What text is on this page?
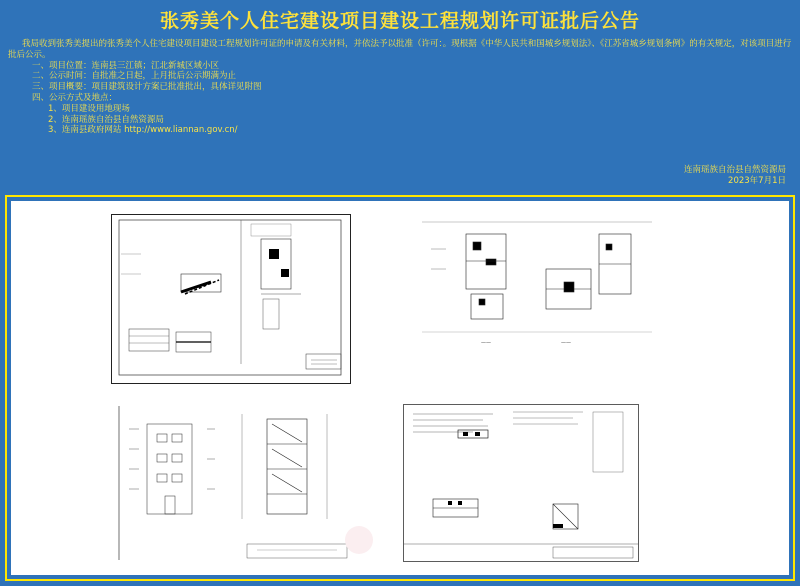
张秀美个人住宅建设项目建设工程规划许可证批后公告

我局收到张秀美提出的张秀美个人住宅建设项目建设工程规划许可证的申请及有关材料，并依法予以批准（许可：。现根据《中华人民共和国城乡规划法》、《江苏省城乡规划条例》的有关规定，对该项目进行批后公示。

一、项目位置：连南县三江镇；江北新城区域小区

二、公示时间：自批准之日起，上月批后公示期满为止

三、项目概要：项目建筑设计方案已批准批出，具体详见附图

四、公示方式及地点：

1、项目建设用地现场

2、连南瑶族自治县自然资源局

3、连南县政府网站 http://www.liannan.gov.cn/

连南瑶族自治县自然资源局
2023年7月1日
——	——
